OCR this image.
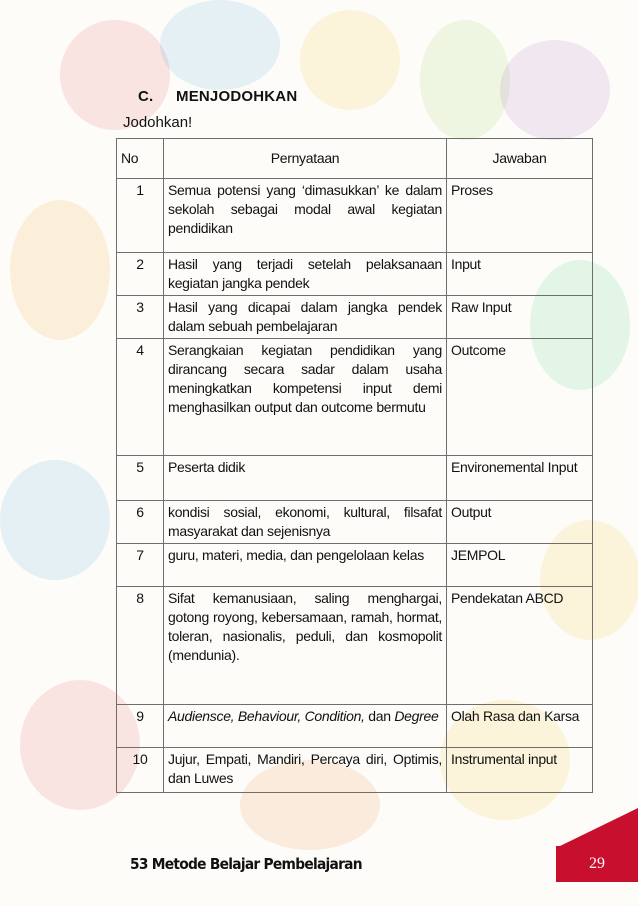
C. MENJODOHKAN
Jodohkan!
No	Pernyataan	Jawaban
1	Semua potensi yang ‘dimasukkan’ ke dalam sekolah sebagai modal awal kegiatan pendidikan	Proses
2	Hasil yang terjadi setelah pelaksanaan kegiatan jangka pendek	Input
3	Hasil yang dicapai dalam jangka pendek dalam sebuah pembelajaran	Raw Input
4	Serangkaian kegiatan pendidikan yang dirancang secara sadar dalam usaha meningkatkan kompetensi input demi menghasilkan output dan outcome bermutu	Outcome
5	Peserta didik	Environemental Input
6	kondisi sosial, ekonomi, kultural, filsafat masyarakat dan sejenisnya	Output
7	guru, materi, media, dan pengelolaan kelas	JEMPOL
8	Sifat kemanusiaan, saling menghargai, gotong royong, kebersamaan, ramah, hormat, toleran, nasionalis, peduli, dan kosmopolit (mendunia).	Pendekatan ABCD
9	Audiensce, Behaviour, Condition, dan Degree	Olah Rasa dan Karsa
10	Jujur, Empati, Mandiri, Percaya diri, Optimis, dan Luwes	Instrumental input
53 Metode Belajar Pembelajaran	29
